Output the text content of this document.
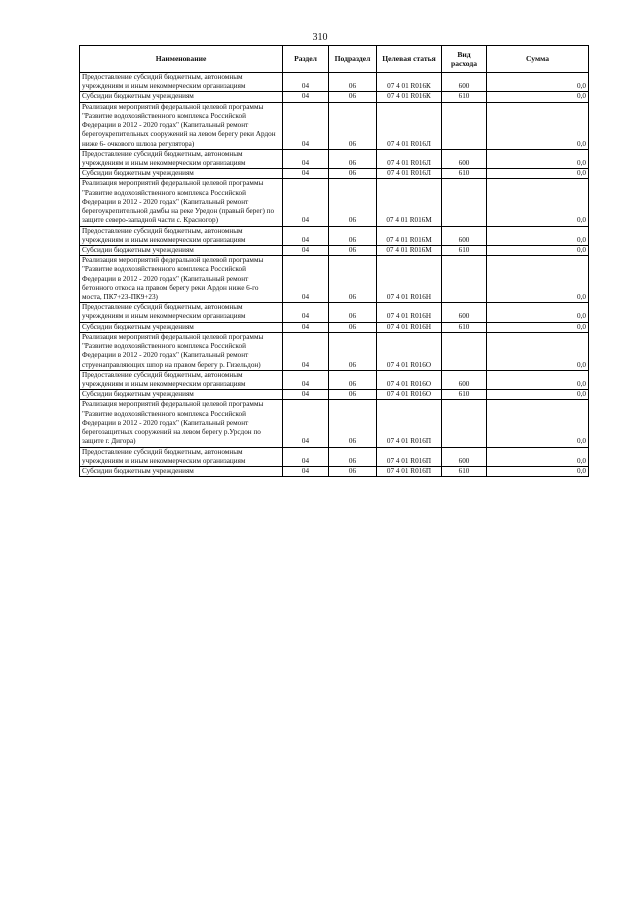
310
Наименование	Раздел	Подраздел	Целевая статья	Вид расхода	Сумма
Предоставление субсидий бюджетным, автономным учреждениям и иным некоммерческим организациям	04	06	07 4 01 R016К	600	0,0
Субсидии бюджетным учреждениям	04	06	07 4 01 R016К	610	0,0
Реализация мероприятий федеральной целевой программы "Развитие водохозяйственного комплекса Российской Федерации в 2012 - 2020 годах" (Капитальный ремонт берегоукрепительных сооружений на левом берегу реки Ардон ниже 6- очкового шлюза регулятора)	04	06	07 4 01 R016Л		0,0
Предоставление субсидий бюджетным, автономным учреждениям и иным некоммерческим организациям	04	06	07 4 01 R016Л	600	0,0
Субсидии бюджетным учреждениям	04	06	07 4 01 R016Л	610	0,0
Реализация мероприятий федеральной целевой программы "Развитие водохозяйственного комплекса Российской Федерации в 2012 - 2020 годах" (Капитальный ремонт берегоукрепительной дамбы на реке Уредон (правый берег) по защите северо-западной части с. Красногор)	04	06	07 4 01 R016М		0,0
Предоставление субсидий бюджетным, автономным учреждениям и иным некоммерческим организациям	04	06	07 4 01 R016М	600	0,0
Субсидии бюджетным учреждениям	04	06	07 4 01 R016М	610	0,0
Реализация мероприятий федеральной целевой программы "Развитие водохозяйственного комплекса Российской Федерации в 2012 - 2020 годах" (Капитальный ремонт бетонного откоса на правом берегу реки Ардон ниже 6-го моста, ПК7+23-ПК9+23)	04	06	07 4 01 R016Н		0,0
Предоставление субсидий бюджетным, автономным учреждениям и иным некоммерческим организациям	04	06	07 4 01 R016Н	600	0,0
Субсидии бюджетным учреждениям	04	06	07 4 01 R016Н	610	0,0
Реализация мероприятий федеральной целевой программы "Развитие водохозяйственного комплекса Российской Федерации в 2012 - 2020 годах" (Капитальный ремонт струенаправляющих шпор на правом берегу р. Гизельдон)	04	06	07 4 01 R016О		0,0
Предоставление субсидий бюджетным, автономным учреждениям и иным некоммерческим организациям	04	06	07 4 01 R016О	600	0,0
Субсидии бюджетным учреждениям	04	06	07 4 01 R016О	610	0,0
Реализация мероприятий федеральной целевой программы "Развитие водохозяйственного комплекса Российской Федерации в 2012 - 2020 годах" (Капитальный ремонт берегозащитных сооружений на левом берегу р.Урсдон по защите г. Дигора)	04	06	07 4 01 R016П		0,0
Предоставление субсидий бюджетным, автономным учреждениям и иным некоммерческим организациям	04	06	07 4 01 R016П	600	0,0
Субсидии бюджетным учреждениям	04	06	07 4 01 R016П	610	0,0
